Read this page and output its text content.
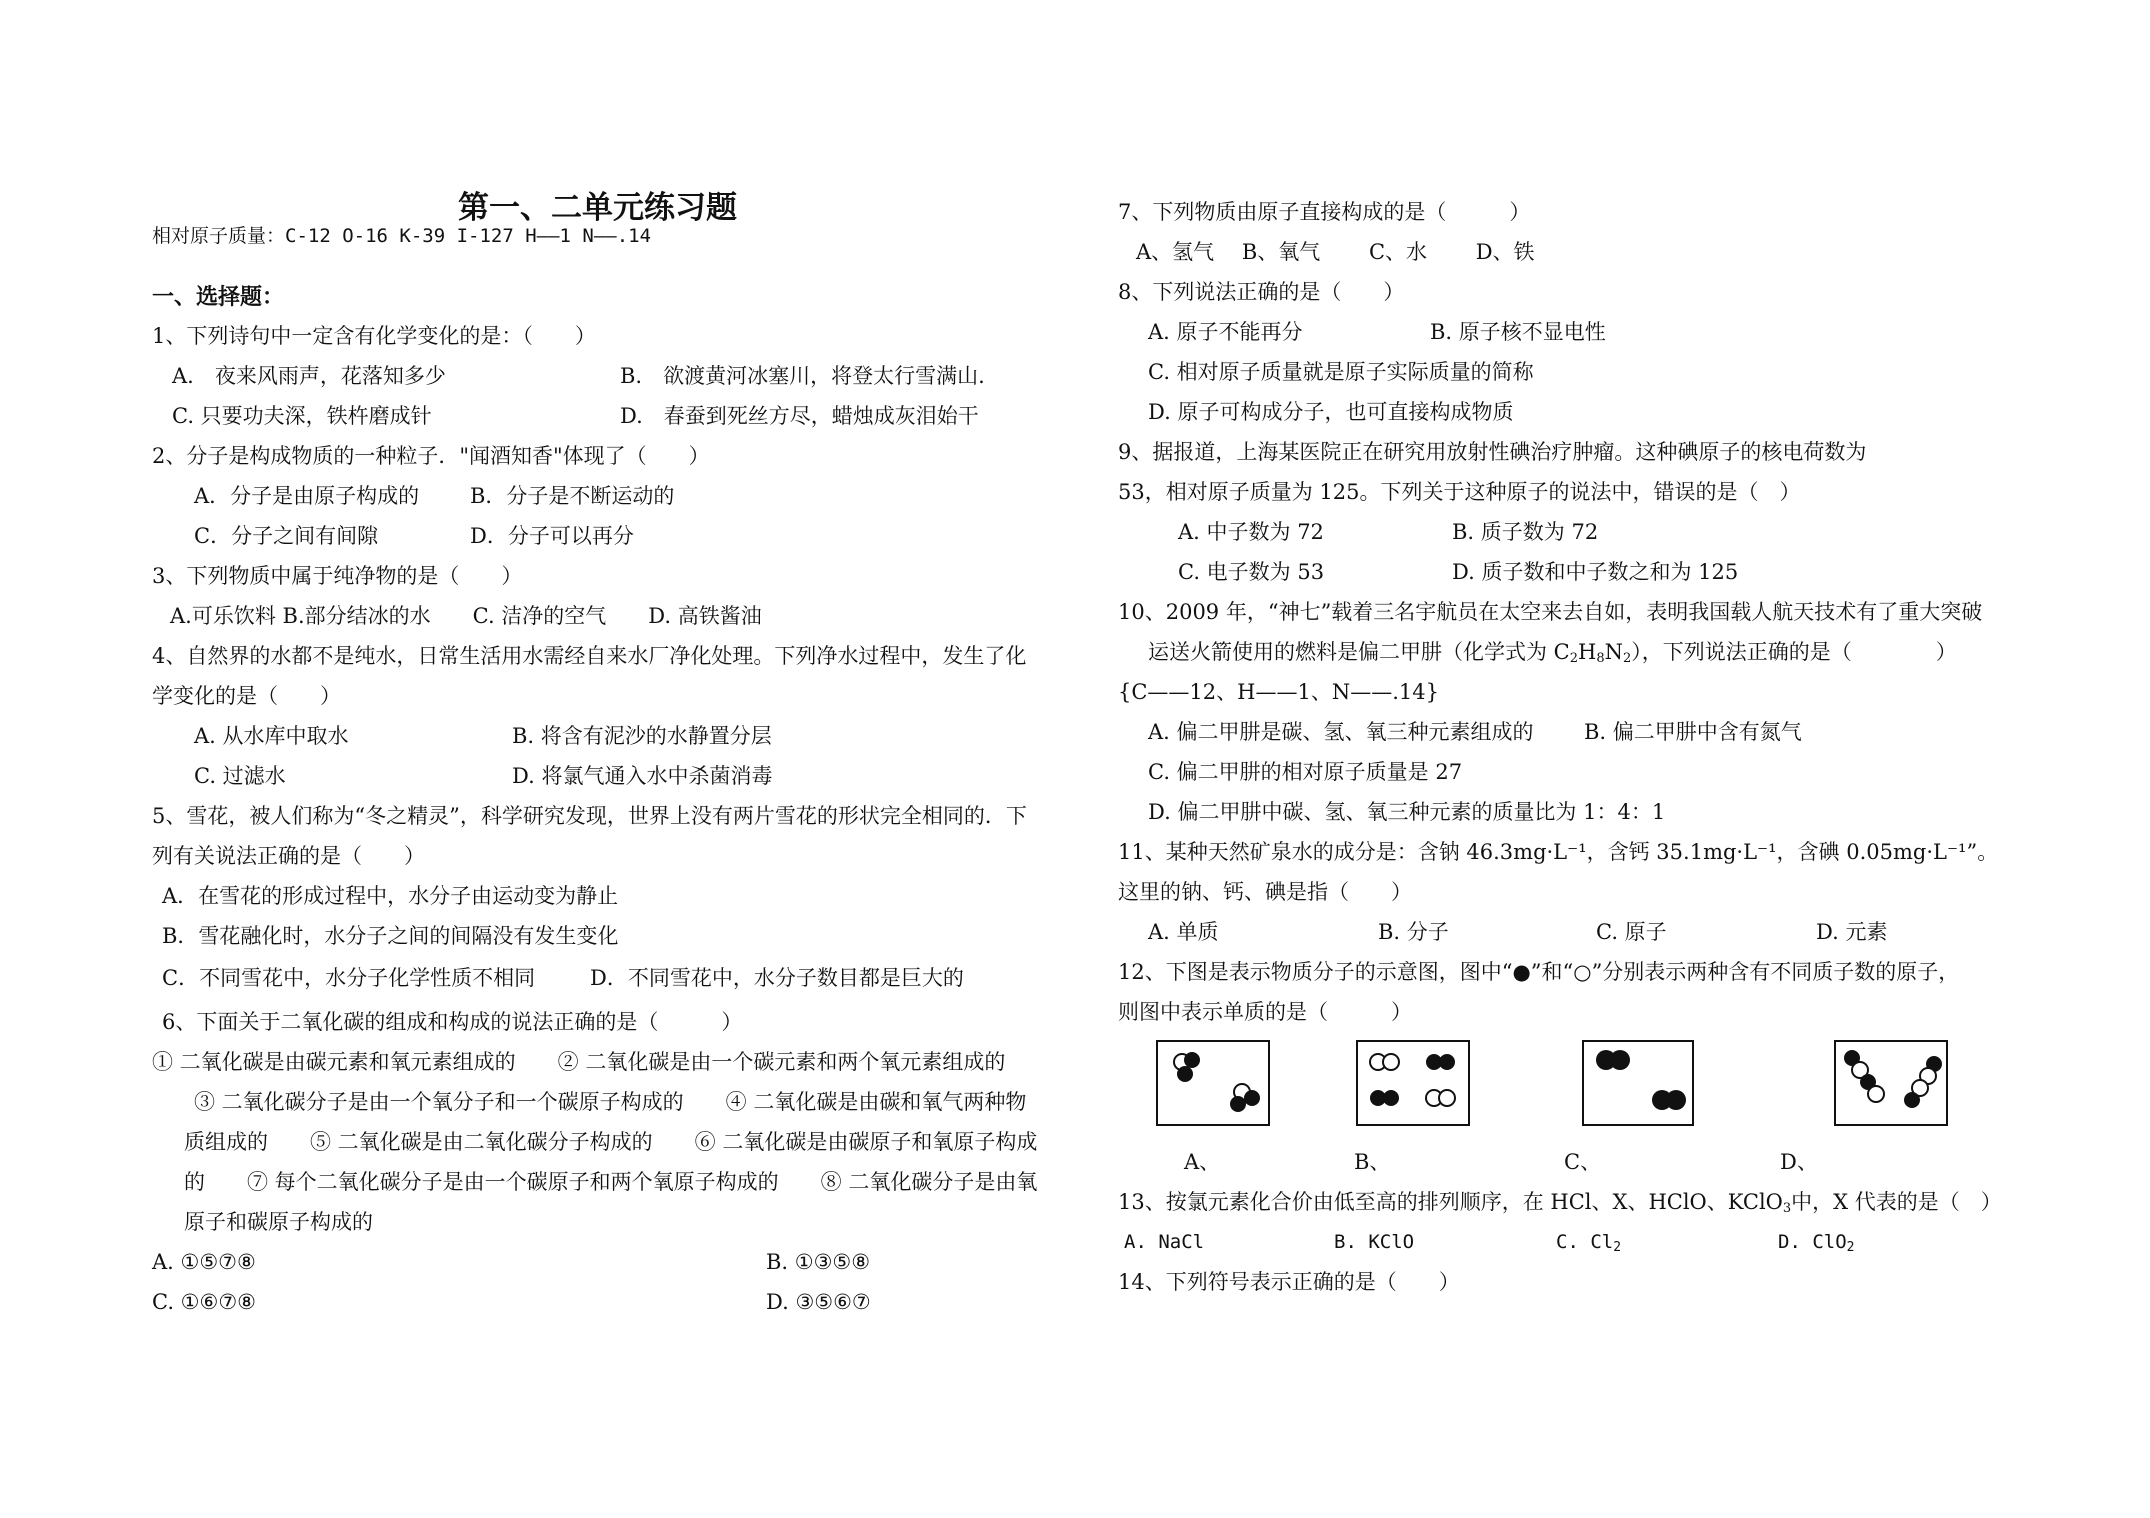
第一、二单元练习题
相对原子质量：C-12 O-16 K-39 I-127 H——1 N——.14
一、选择题：
1、下列诗句中一定含有化学变化的是：（　　）
A.　夜来风雨声，花落知多少	B.　欲渡黄河冰塞川，将登太行雪满山.
C. 只要功夫深，铁杵磨成针	D.　春蚕到死丝方尽，蜡烛成灰泪始干
2、分子是构成物质的一种粒子．"闻酒知香"体现了（　　）
A．分子是由原子构成的 B．分子是不断运动的
C．分子之间有间隙	D．分子可以再分
3、下列物质中属于纯净物的是（　　）
A.可乐饮料 B.部分结冰的水　　C. 洁净的空气　　D. 高铁酱油
4、自然界的水都不是纯水，日常生活用水需经自来水厂净化处理。下列净水过程中，发生了化
学变化的是（　　）
A. 从水库中取水	B. 将含有泥沙的水静置分层
C. 过滤水	D. 将氯气通入水中杀菌消毒
5、雪花，被人们称为“冬之精灵”，科学研究发现，世界上没有两片雪花的形状完全相同的．下
列有关说法正确的是（　　）
A．在雪花的形成过程中，水分子由运动变为静止
B．雪花融化时，水分子之间的间隔没有发生变化
C．不同雪花中，水分子化学性质不相同	D．不同雪花中，水分子数目都是巨大的
6、下面关于二氧化碳的组成和构成的说法正确的是（　　　）
① 二氧化碳是由碳元素和氧元素组成的　　② 二氧化碳是由一个碳元素和两个氧元素组成的
③ 二氧化碳分子是由一个氧分子和一个碳原子构成的　　④ 二氧化碳是由碳和氧气两种物
质组成的　　⑤ 二氧化碳是由二氧化碳分子构成的　　⑥ 二氧化碳是由碳原子和氧原子构成
的　　⑦ 每个二氧化碳分子是由一个碳原子和两个氧原子构成的　　⑧ 二氧化碳分子是由氧
原子和碳原子构成的
A. ①⑤⑦⑧	B. ①③⑤⑧
C. ①⑥⑦⑧	D. ③⑤⑥⑦
7、下列物质由原子直接构成的是（　　　）
A、氢气　 B、氧气　　 C、水　　 D、铁
8、下列说法正确的是（　　）
A. 原子不能再分	B. 原子核不显电性
C. 相对原子质量就是原子实际质量的简称
D. 原子可构成分子，也可直接构成物质
9、据报道，上海某医院正在研究用放射性碘治疗肿瘤。这种碘原子的核电荷数为
53，相对原子质量为 125。下列关于这种原子的说法中，错误的是（　）
A. 中子数为 72	B. 质子数为 72
C. 电子数为 53	D. 质子数和中子数之和为 125
10、2009 年，“神七”载着三名宇航员在太空来去自如，表明我国载人航天技术有了重大突破
运送火箭使用的燃料是偏二甲肼（化学式为 $C_2H_8N_2$），下列说法正确的是（　　　　）
{C——12、H——1、N——.14}
A. 偏二甲肼是碳、氢、氧三种元素组成的 B. 偏二甲肼中含有氮气
C. 偏二甲肼的相对原子质量是 27
D. 偏二甲肼中碳、氢、氧三种元素的质量比为 1：4：1
11、某种天然矿泉水的成分是：含钠 46.3mg·L⁻¹，含钙 35.1mg·L⁻¹，含碘 0.05mg·L⁻¹”。
这里的钠、钙、碘是指（　　）
A. 单质	B. 分子	C. 原子	D. 元素
12、下图是表示物质分子的示意图，图中“●”和“○”分别表示两种含有不同质子数的原子，
则图中表示单质的是（　　　）
A、	B、	C、	D、
13、按氯元素化合价由低至高的排列顺序，在 HCl、X、HClO、KClO$_3$中，X 代表的是（　）
A. NaCl	B. KClO	C. $Cl_2$	D. ClO$_2$
14、下列符号表示正确的是（　　）
